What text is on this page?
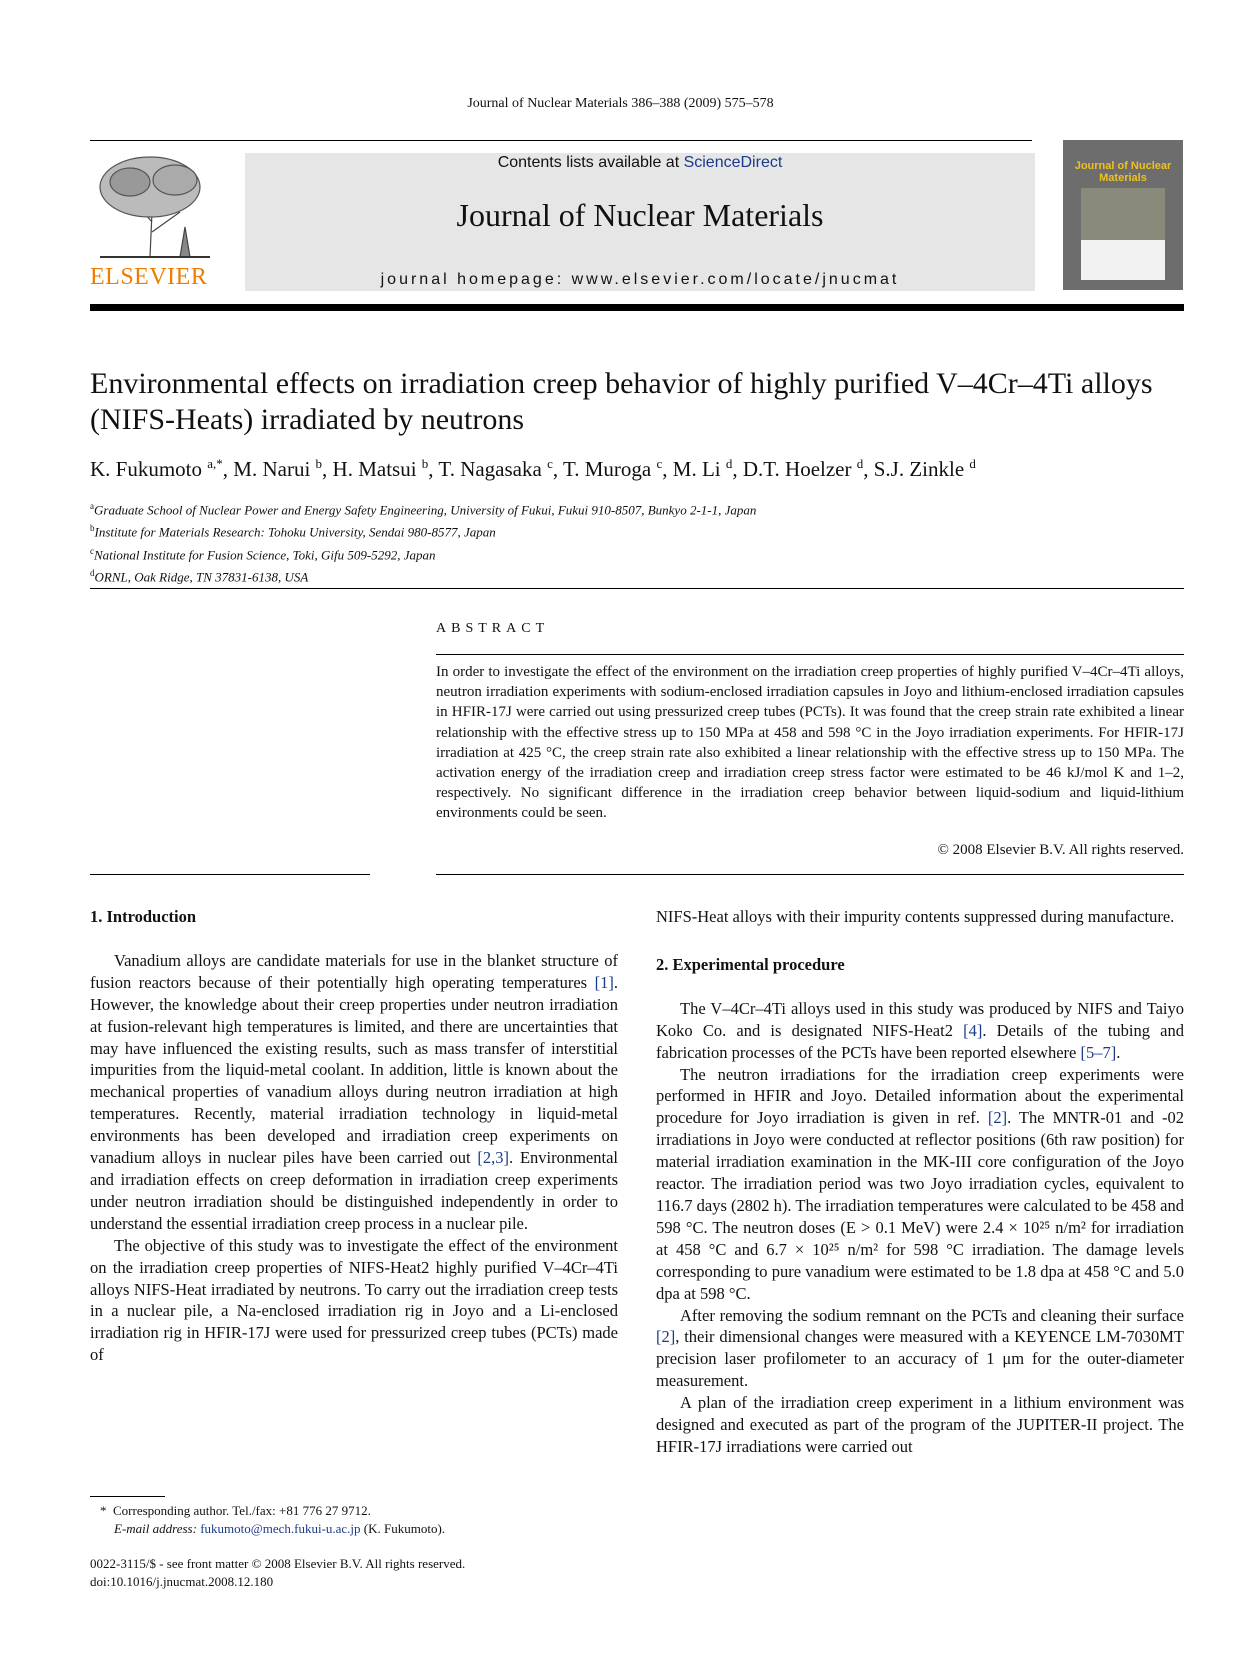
Journal of Nuclear Materials 386–388 (2009) 575–578
ELSEVIER
Contents lists available at ScienceDirect
Journal of Nuclear Materials
journal homepage: www.elsevier.com/locate/jnucmat
Journal of Nuclear Materials
Environmental effects on irradiation creep behavior of highly purified V–4Cr–4Ti alloys (NIFS-Heats) irradiated by neutrons
K. Fukumoto $^{a,*}$, M. Narui $^b$, H. Matsui $^b$, T. Nagasaka $^c$, T. Muroga $^c$, M. Li $^d$, D.T. Hoelzer $^d$, S.J. Zinkle $^d$
$^a$Graduate School of Nuclear Power and Energy Safety Engineering, University of Fukui, Fukui 910-8507, Bunkyo 2-1-1, Japan
$^b$Institute for Materials Research: Tohoku University, Sendai 980-8577, Japan
$^c$National Institute for Fusion Science, Toki, Gifu 509-5292, Japan
$^d$ORNL, Oak Ridge, TN 37831-6138, USA
ABSTRACT
In order to investigate the effect of the environment on the irradiation creep properties of highly purified V–4Cr–4Ti alloys, neutron irradiation experiments with sodium-enclosed irradiation capsules in Joyo and lithium-enclosed irradiation capsules in HFIR-17J were carried out using pressurized creep tubes (PCTs). It was found that the creep strain rate exhibited a linear relationship with the effective stress up to 150 MPa at 458 and 598 °C in the Joyo irradiation experiments. For HFIR-17J irradiation at 425 °C, the creep strain rate also exhibited a linear relationship with the effective stress up to 150 MPa. The activation energy of the irradiation creep and irradiation creep stress factor were estimated to be 46 kJ/mol K and 1–2, respectively. No significant difference in the irradiation creep behavior between liquid-sodium and liquid-lithium environments could be seen.
© 2008 Elsevier B.V. All rights reserved.
1. Introduction

Vanadium alloys are candidate materials for use in the blanket structure of fusion reactors because of their potentially high operating temperatures [1]. However, the knowledge about their creep properties under neutron irradiation at fusion-relevant high temperatures is limited, and there are uncertainties that may have influenced the existing results, such as mass transfer of interstitial impurities from the liquid-metal coolant. In addition, little is known about the mechanical properties of vanadium alloys during neutron irradiation at high temperatures. Recently, material irradiation technology in liquid-metal environments has been developed and irradiation creep experiments on vanadium alloys in nuclear piles have been carried out [2,3]. Environmental and irradiation effects on creep deformation in irradiation creep experiments under neutron irradiation should be distinguished independently in order to understand the essential irradiation creep process in a nuclear pile.

The objective of this study was to investigate the effect of the environment on the irradiation creep properties of NIFS-Heat2 highly purified V–4Cr–4Ti alloys NIFS-Heat irradiated by neutrons. To carry out the irradiation creep tests in a nuclear pile, a Na-enclosed irradiation rig in Joyo and a Li-enclosed irradiation rig in HFIR-17J were used for pressurized creep tubes (PCTs) made of

NIFS-Heat alloys with their impurity contents suppressed during manufacture.

2. Experimental procedure

The V–4Cr–4Ti alloys used in this study was produced by NIFS and Taiyo Koko Co. and is designated NIFS-Heat2 [4]. Details of the tubing and fabrication processes of the PCTs have been reported elsewhere [5–7].

The neutron irradiations for the irradiation creep experiments were performed in HFIR and Joyo. Detailed information about the experimental procedure for Joyo irradiation is given in ref. [2]. The MNTR-01 and -02 irradiations in Joyo were conducted at reflector positions (6th raw position) for material irradiation examination in the MK-III core configuration of the Joyo reactor. The irradiation period was two Joyo irradiation cycles, equivalent to 116.7 days (2802 h). The irradiation temperatures were calculated to be 458 and 598 °C. The neutron doses (E > 0.1 MeV) were 2.4 × 10²⁵ n/m² for irradiation at 458 °C and 6.7 × 10²⁵ n/m² for 598 °C irradiation. The damage levels corresponding to pure vanadium were estimated to be 1.8 dpa at 458 °C and 5.0 dpa at 598 °C.

After removing the sodium remnant on the PCTs and cleaning their surface [2], their dimensional changes were measured with a KEYENCE LM-7030MT precision laser profilometer to an accuracy of 1 μm for the outer-diameter measurement.

A plan of the irradiation creep experiment in a lithium environment was designed and executed as part of the program of the JUPITER-II project. The HFIR-17J irradiations were carried out

* Corresponding author. Tel./fax: +81 776 27 9712.
E-mail address: fukumoto@mech.fukui-u.ac.jp (K. Fukumoto).
0022-3115/$ - see front matter © 2008 Elsevier B.V. All rights reserved.
doi:10.1016/j.jnucmat.2008.12.180
